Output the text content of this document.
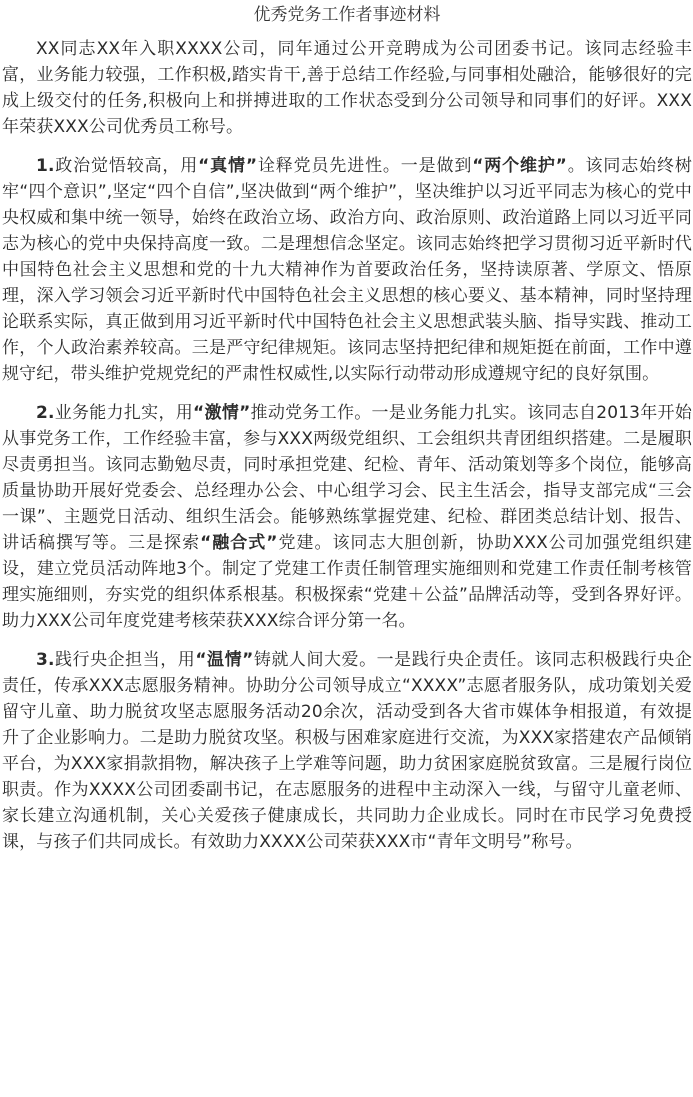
优秀党务工作者事迹材料

XX同志XX年入职XXXX公司，同年通过公开竞聘成为公司团委书记。该同志经验丰富，业务能力较强，工作积极,踏实肯干,善于总结工作经验,与同事相处融洽，能够很好的完成上级交付的任务,积极向上和拼搏进取的工作状态受到分公司领导和同事们的好评。XXX年荣获XXX公司优秀员工称号。

1.政治觉悟较高，用“真情”诠释党员先进性。一是做到“两个维护”。该同志始终树牢“四个意识”,坚定“四个自信”,坚决做到“两个维护”，坚决维护以习近平同志为核心的党中央权威和集中统一领导，始终在政治立场、政治方向、政治原则、政治道路上同以习近平同志为核心的党中央保持高度一致。二是理想信念坚定。该同志始终把学习贯彻习近平新时代中国特色社会主义思想和党的十九大精神作为首要政治任务，坚持读原著、学原文、悟原理，深入学习领会习近平新时代中国特色社会主义思想的核心要义、基本精神，同时坚持理论联系实际，真正做到用习近平新时代中国特色社会主义思想武装头脑、指导实践、推动工作，个人政治素养较高。三是严守纪律规矩。该同志坚持把纪律和规矩挺在前面，工作中遵规守纪，带头维护党规党纪的严肃性权威性,以实际行动带动形成遵规守纪的良好氛围。

2.业务能力扎实，用“激情”推动党务工作。一是业务能力扎实。该同志自2013年开始从事党务工作，工作经验丰富，参与XXX两级党组织、工会组织共青团组织搭建。二是履职尽责勇担当。该同志勤勉尽责，同时承担党建、纪检、青年、活动策划等多个岗位，能够高质量协助开展好党委会、总经理办公会、中心组学习会、民主生活会，指导支部完成“三会一课”、主题党日活动、组织生活会。能够熟练掌握党建、纪检、群团类总结计划、报告、讲话稿撰写等。三是探索“融合式”党建。该同志大胆创新，协助XXX公司加强党组织建设，建立党员活动阵地3个。制定了党建工作责任制管理实施细则和党建工作责任制考核管理实施细则，夯实党的组织体系根基。积极探索“党建＋公益”品牌活动等，受到各界好评。助力XXX公司年度党建考核荣获XXX综合评分第一名。

3.践行央企担当，用“温情”铸就人间大爱。一是践行央企责任。该同志积极践行央企责任，传承XXX志愿服务精神。协助分公司领导成立“XXXX”志愿者服务队，成功策划关爱留守儿童、助力脱贫攻坚志愿服务活动20余次，活动受到各大省市媒体争相报道，有效提升了企业影响力。二是助力脱贫攻坚。积极与困难家庭进行交流，为XXX家搭建农产品倾销平台，为XXX家捐款捐物，解决孩子上学难等问题，助力贫困家庭脱贫致富。三是履行岗位职责。作为XXXX公司团委副书记，在志愿服务的进程中主动深入一线，与留守儿童老师、家长建立沟通机制，关心关爱孩子健康成长，共同助力企业成长。同时在市民学习免费授课，与孩子们共同成长。有效助力XXXX公司荣获XXX市“青年文明号”称号。
